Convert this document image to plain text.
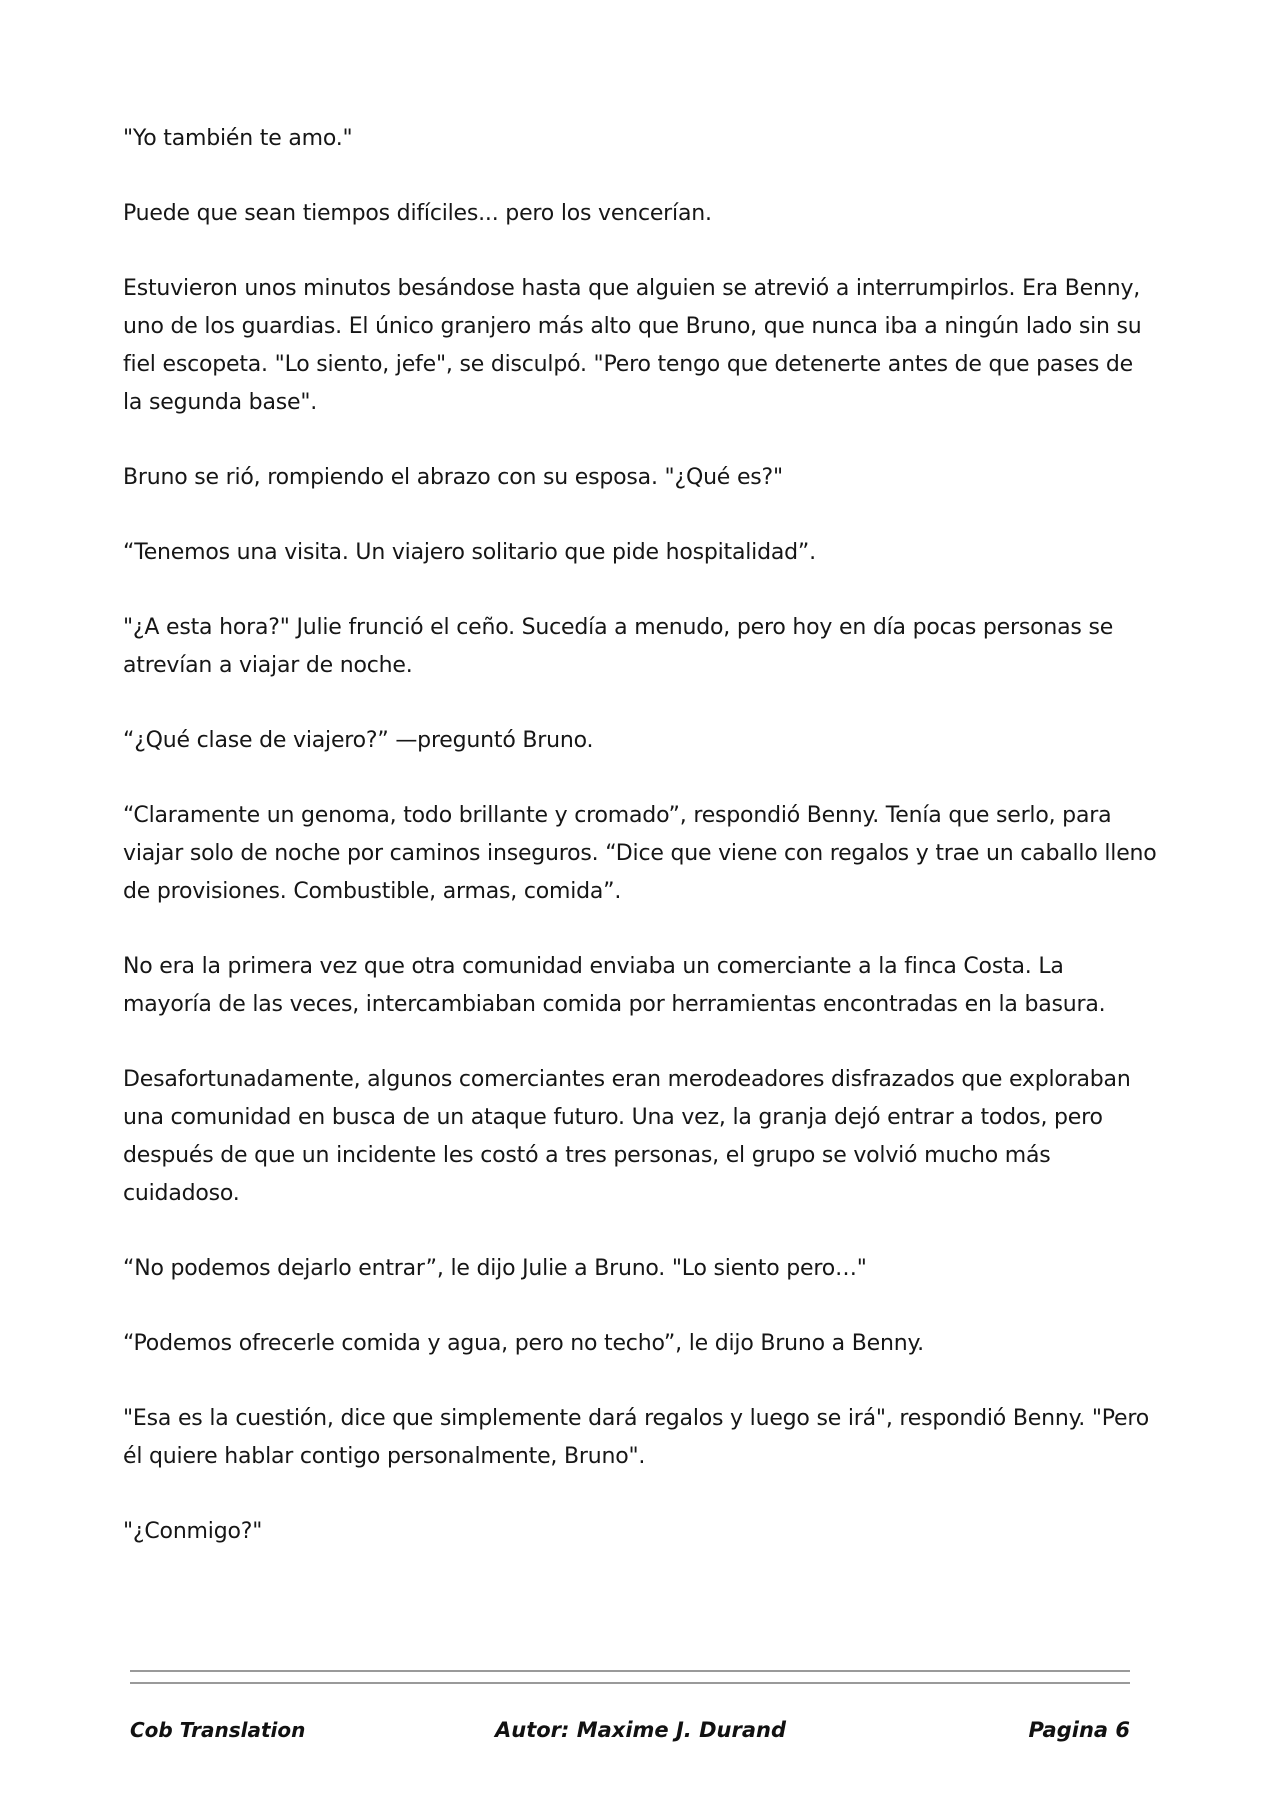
"Yo también te amo."

Puede que sean tiempos difíciles... pero los vencerían.

Estuvieron unos minutos besándose hasta que alguien se atrevió a interrumpirlos. Era Benny, uno de los guardias. El único granjero más alto que Bruno, que nunca iba a ningún lado sin su fiel escopeta. "Lo siento, jefe", se disculpó. "Pero tengo que detenerte antes de que pases de la segunda base".

Bruno se rió, rompiendo el abrazo con su esposa. "¿Qué es?"

“Tenemos una visita. Un viajero solitario que pide hospitalidad”.

"¿A esta hora?" Julie frunció el ceño. Sucedía a menudo, pero hoy en día pocas personas se atrevían a viajar de noche.

“¿Qué clase de viajero?” —preguntó Bruno.

“Claramente un genoma, todo brillante y cromado”, respondió Benny. Tenía que serlo, para viajar solo de noche por caminos inseguros. “Dice que viene con regalos y trae un caballo lleno de provisiones. Combustible, armas, comida”.

No era la primera vez que otra comunidad enviaba un comerciante a la finca Costa. La mayoría de las veces, intercambiaban comida por herramientas encontradas en la basura.

Desafortunadamente, algunos comerciantes eran merodeadores disfrazados que exploraban una comunidad en busca de un ataque futuro. Una vez, la granja dejó entrar a todos, pero después de que un incidente les costó a tres personas, el grupo se volvió mucho más cuidadoso.

“No podemos dejarlo entrar”, le dijo Julie a Bruno. "Lo siento pero…"

“Podemos ofrecerle comida y agua, pero no techo”, le dijo Bruno a Benny.

"Esa es la cuestión, dice que simplemente dará regalos y luego se irá", respondió Benny. "Pero él quiere hablar contigo personalmente, Bruno".

"¿Conmigo?"

Cob Translation	Autor: Maxime J. Durand	Pagina 6
